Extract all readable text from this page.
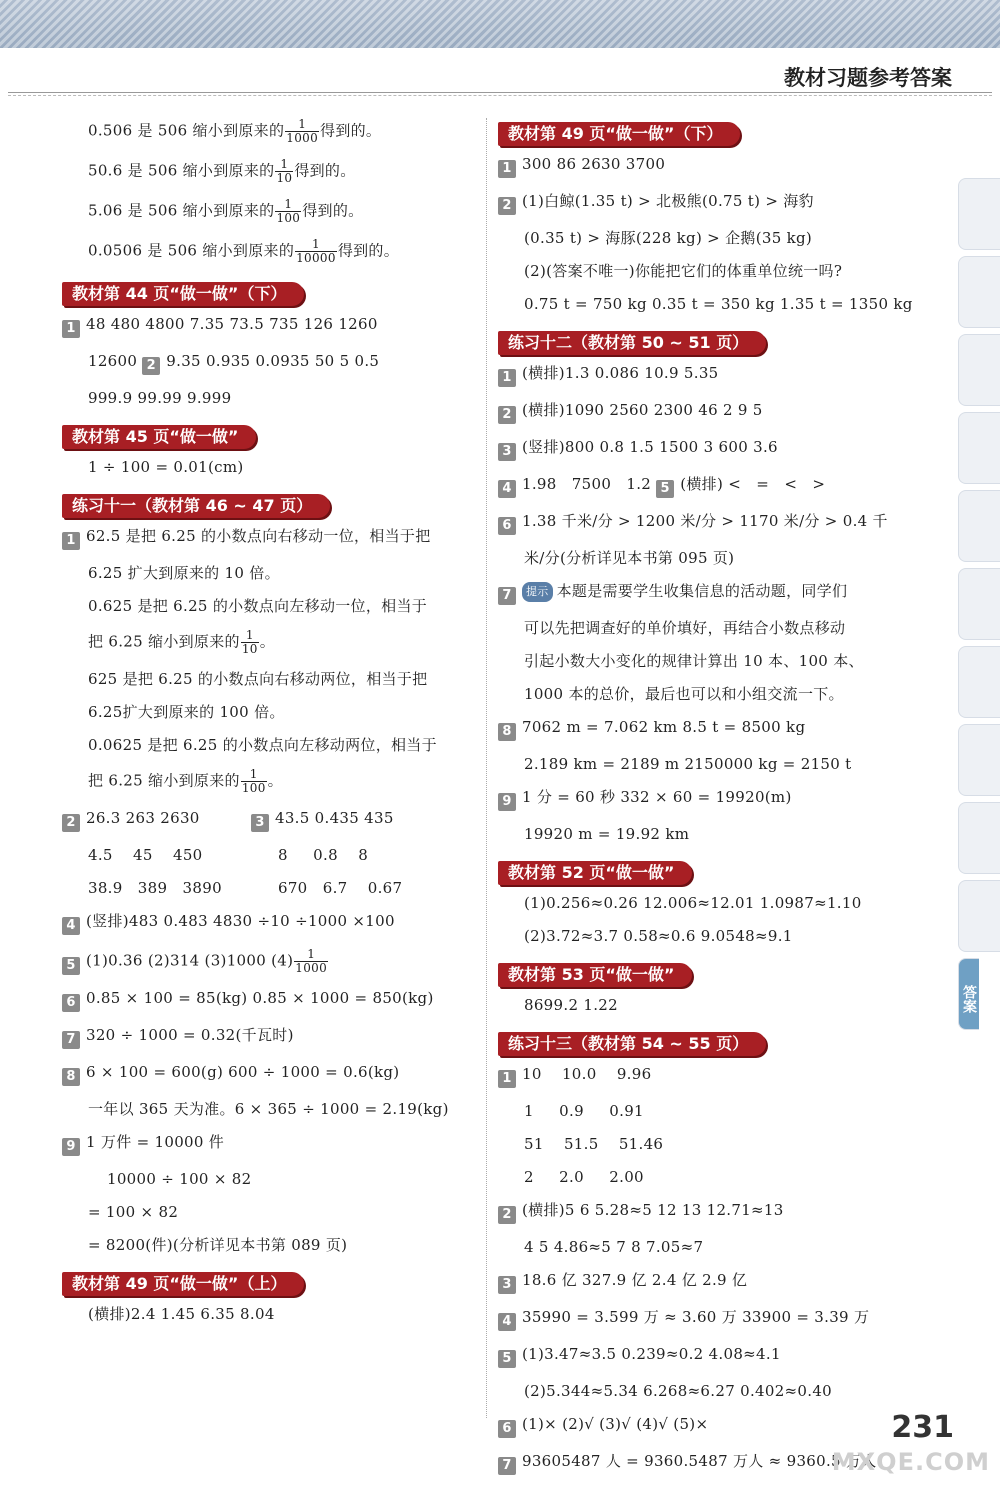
教材习题参考答案
0.506 是 506 缩小到原来的 $\frac{1}{1000}$ 得到的。
50.6 是 506 缩小到原来的 $\frac{1}{10}$ 得到的。
5.06 是 506 缩小到原来的 $\frac{1}{100}$ 得到的。
0.0506 是 506 缩小到原来的 $\frac{1}{10000}$ 得到的。
教材第 44 页“做一做”（下）
1 48 480 4800 7.35 73.5 735 126 1260
12600 2 9.35 0.935 0.0935 50 5 0.5
999.9 99.99 9.999
教材第 45 页“做一做”
1 ÷ 100 = 0.01(cm)
练习十一（教材第 46 ~ 47 页）
1 62.5 是把 6.25 的小数点向右移动一位，相当于把
6.25 扩大到原来的 10 倍。
0.625 是把 6.25 的小数点向左移动一位，相当于
把 6.25 缩小到原来的 $\frac{1}{10}$ 。
625 是把 6.25 的小数点向右移动两位，相当于把
6.25扩大到原来的 100 倍。
0.0625 是把 6.25 的小数点向左移动两位，相当于
把 6.25 缩小到原来的 $\frac{1}{100}$ 。
2 26.3 263 2630	3 43.5 0.435 435
4.5    45    450	8     0.8    8
38.9   389   3890	670   6.7    0.67
4 (竖排)483 0.483 4830 ÷10 ÷1000 ×100
5 (1)0.36 (2)314 (3)1000 $(4) \frac{1}{1000}$
6 0.85 × 100 = 85(kg) 0.85 × 1000 = 850(kg)
7 320 ÷ 1000 = 0.32(千瓦时)
8 6 × 100 = 600(g) 600 ÷ 1000 = 0.6(kg)
一年以 365 天为准。6 × 365 ÷ 1000 = 2.19(kg)
9 1 万件 = 10000 件
10000 ÷ 100 × 82
= 100 × 82
= 8200(件)(分析详见本书第 089 页)
教材第 49 页“做一做”（上）
(横排)2.4 1.45 6.35 8.04
教材第 49 页“做一做”（下）
1 300 86 2630 3700
2 (1)白鲸(1.35 t) > 北极熊(0.75 t) > 海豹
(0.35 t) > 海豚(228 kg) > 企鹅(35 kg)
(2)(答案不唯一)你能把它们的体重单位统一吗?
0.75 t = 750 kg 0.35 t = 350 kg 1.35 t = 1350 kg
练习十二（教材第 50 ~ 51 页）
1 (横排)1.3 0.086 10.9 5.35
2 (横排)1090 2560 2300 46 2 9 5
3 (竖排)800 0.8 1.5 1500 3 600 3.6
4 1.98   7500   1.2 5 (横排) <   =   <   >
6 1.38 千米/分 > 1200 米/分 > 1170 米/分 > 0.4 千
米/分(分析详见本书第 095 页)
7 提示 本题是需要学生收集信息的活动题，同学们
可以先把调查好的单价填好，再结合小数点移动
引起小数大小变化的规律计算出 10 本、100 本、
1000 本的总价，最后也可以和小组交流一下。
8 7062 m = 7.062 km 8.5 t = 8500 kg
2.189 km = 2189 m 2150000 kg = 2150 t
9 1 分 = 60 秒 332 × 60 = 19920(m)
19920 m = 19.92 km
教材第 52 页“做一做”
(1)0.256≈0.26 12.006≈12.01 1.0987≈1.10
(2)3.72≈3.7 0.58≈0.6 9.0548≈9.1
教材第 53 页“做一做”
8699.2 1.22
练习十三（教材第 54 ~ 55 页）
1 10    10.0    9.96
1     0.9     0.91
51    51.5    51.46
2     2.0     2.00
2 (横排)5 6 5.28≈5 12 13 12.71≈13
4 5 4.86≈5 7 8 7.05≈7
3 18.6 亿 327.9 亿 2.4 亿 2.9 亿
4 35990 = 3.599 万 ≈ 3.60 万 33900 = 3.39 万
5 (1)3.47≈3.5 0.239≈0.2 4.08≈4.1
(2)5.344≈5.34 6.268≈6.27 0.402≈0.40
6 (1)× (2)√ (3)√ (4)√ (5)×
7 93605487 人 = 9360.5487 万人 ≈ 9360.5 万人
答案
231
MXQE.COM
